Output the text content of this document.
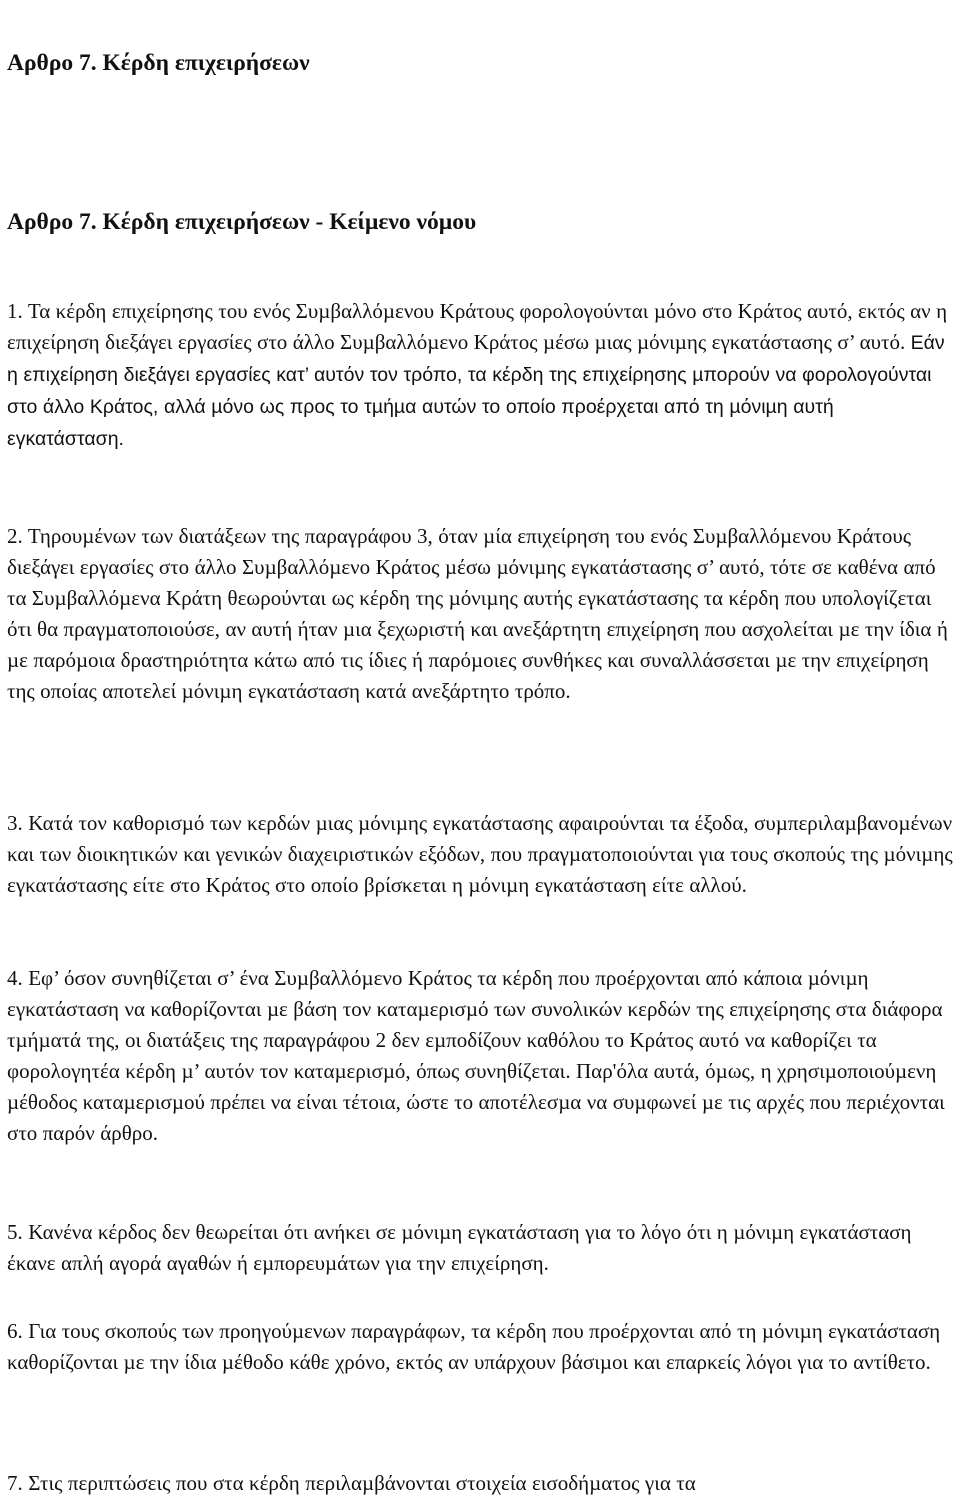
Αρθρο 7. Κέρδη επιχειρήσεων
Αρθρο 7. Κέρδη επιχειρήσεων - Κείµενο νόµου

1. Τα κέρδη επιχείρησης του ενός Συµβαλλόµενου Κράτους φορολογούνται µόνο στο Κράτος αυτό, εκτός αν η επιχείρηση διεξάγει εργασίες στο άλλο Συµβαλλόµενο Κράτος µέσω µιας µόνιµης εγκατάστασης σ’ αυτό. Εάν η επιχείρηση διεξάγει εργασίες κατ’ αυτόν τον τρόπο, τα κέρδη της επιχείρησης µπορούν να φορολογούνται στο άλλο Κράτος, αλλά µόνο ως προς το τµήµα αυτών το οποίο προέρχεται από τη µόνιµη αυτή εγκατάσταση.

2. Τηρουµένων των διατάξεων της παραγράφου 3, όταν µία επιχείρηση του ενός Συµβαλλόµενου Κράτους διεξάγει εργασίες στο άλλο Συµβαλλόµενο Κράτος µέσω µόνιµης εγκατάστασης σ’ αυτό, τότε σε καθένα από τα Συµβαλλόµενα Κράτη θεωρούνται ως κέρδη της µόνιµης αυτής εγκατάστασης τα κέρδη που υπολογίζεται ότι θα πραγµατοποιούσε, αν αυτή ήταν µια ξεχωριστή και ανεξάρτητη επιχείρηση που ασχολείται µε την ίδια ή µε παρόµοια δραστηριότητα κάτω από τις ίδιες ή παρόµοιες συνθήκες και συναλλάσσεται µε την επιχείρηση της οποίας αποτελεί µόνιµη εγκατάσταση κατά ανεξάρτητο τρόπο.

3. Κατά τον καθορισµό των κερδών µιας µόνιµης εγκατάστασης αφαιρούνται τα έξοδα, συµπεριλαµβανοµένων και των διοικητικών και γενικών διαχειριστικών εξόδων, που πραγµατοποιούνται για τους σκοπούς της µόνιµης εγκατάστασης είτε στο Κράτος στο οποίο βρίσκεται η µόνιµη εγκατάσταση είτε αλλού.

4. Εφ’ όσον συνηθίζεται σ’ ένα Συµβαλλόµενο Κράτος τα κέρδη που προέρχονται από κάποια µόνιµη εγκατάσταση να καθορίζονται µε βάση τον καταµερισµό των συνολικών κερδών της επιχείρησης στα διάφορα τµήµατά της, οι διατάξεις της παραγράφου 2 δεν εµποδίζουν καθόλου το Κράτος αυτό να καθορίζει τα φορολογητέα κέρδη µ’ αυτόν τον καταµερισµό, όπως συνηθίζεται. Παρ'όλα αυτά, όµως, η χρησιµοποιούµενη µέθοδος καταµερισµού πρέπει να είναι τέτοια, ώστε το αποτέλεσµα να συµφωνεί µε τις αρχές που περιέχονται στο παρόν άρθρο.

5. Κανένα κέρδος δεν θεωρείται ότι ανήκει σε µόνιµη εγκατάσταση για το λόγο ότι η µόνιµη εγκατάσταση έκανε απλή αγορά αγαθών ή εµπορευµάτων για την επιχείρηση.

6. Για τους σκοπούς των προηγούµενων παραγράφων, τα κέρδη που προέρχονται από τη µόνιµη εγκατάσταση καθορίζονται µε την ίδια µέθοδο κάθε χρόνο, εκτός αν υπάρχουν βάσιµοι και επαρκείς λόγοι για το αντίθετο.

7. Στις περιπτώσεις που στα κέρδη περιλαµβάνονται στοιχεία εισοδήµατος για τα
